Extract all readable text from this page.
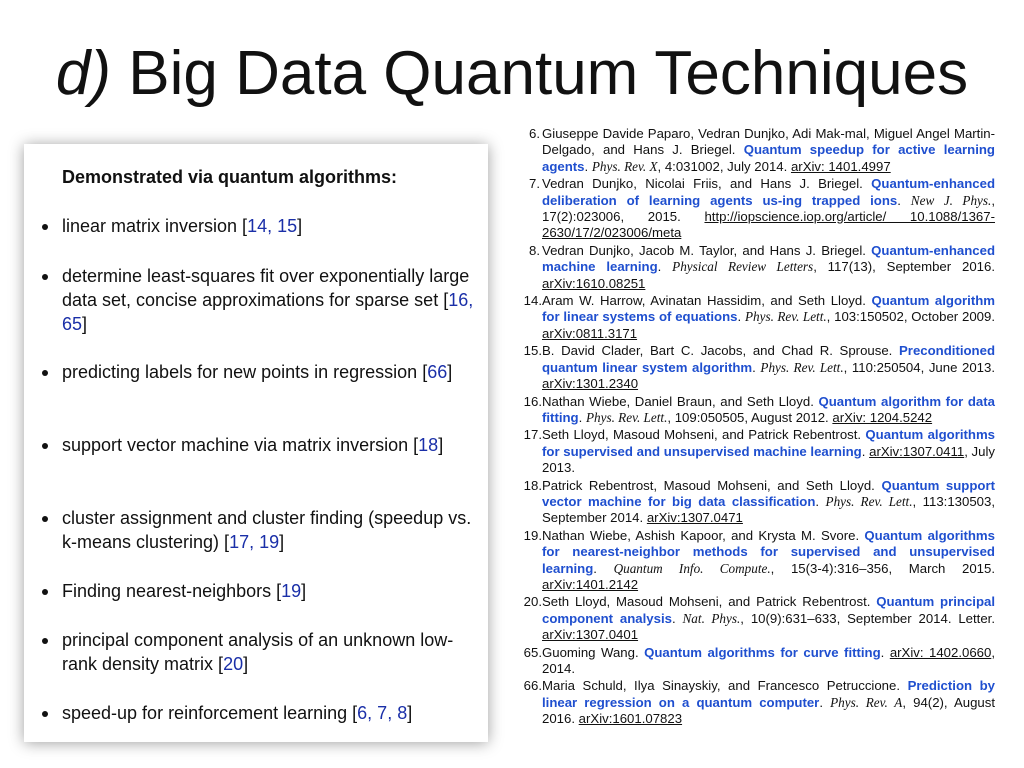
d) Big Data Quantum Techniques
Demonstrated via quantum algorithms:
linear matrix inversion [14, 15]
determine least-squares fit over exponentially large data set, concise approximations for sparse set [16, 65]
predicting labels for new points in regression [66]
support vector machine via matrix inversion [18]
cluster assignment and cluster finding (speedup vs. k-means clustering) [17, 19]
Finding nearest-neighbors [19]
principal component analysis of an unknown low-rank density matrix [20]
speed-up for reinforcement learning [6, 7, 8]
6. Giuseppe Davide Paparo, Vedran Dunjko, Adi Mak-mal, Miguel Angel Martin-Delgado, and Hans J. Briegel. Quantum speedup for active learning agents. Phys. Rev. X, 4:031002, July 2014. arXiv: 1401.4997
7. Vedran Dunjko, Nicolai Friis, and Hans J. Briegel. Quantum-enhanced deliberation of learning agents us-ing trapped ions. New J. Phys., 17(2):023006, 2015. http://iopscience.iop.org/article/ 10.1088/1367-2630/17/2/023006/meta
8. Vedran Dunjko, Jacob M. Taylor, and Hans J. Briegel. Quantum-enhanced machine learning. Physical Review Letters, 117(13), September 2016. arXiv:1610.08251
14. Aram W. Harrow, Avinatan Hassidim, and Seth Lloyd. Quantum algorithm for linear systems of equations. Phys. Rev. Lett., 103:150502, October 2009. arXiv:0811.3171
15. B. David Clader, Bart C. Jacobs, and Chad R. Sprouse. Preconditioned quantum linear system algorithm. Phys. Rev. Lett., 110:250504, June 2013. arXiv:1301.2340
16. Nathan Wiebe, Daniel Braun, and Seth Lloyd. Quantum algorithm for data fitting. Phys. Rev. Lett., 109:050505, August 2012. arXiv: 1204.5242
17. Seth Lloyd, Masoud Mohseni, and Patrick Rebentrost. Quantum algorithms for supervised and unsupervised machine learning. arXiv:1307.0411, July 2013.
18. Patrick Rebentrost, Masoud Mohseni, and Seth Lloyd. Quantum support vector machine for big data classification. Phys. Rev. Lett., 113:130503, September 2014. arXiv:1307.0471
19. Nathan Wiebe, Ashish Kapoor, and Krysta M. Svore. Quantum algorithms for nearest-neighbor methods for supervised and unsupervised learning. Quantum Info. Compute., 15(3-4):316–356, March 2015. arXiv:1401.2142
20. Seth Lloyd, Masoud Mohseni, and Patrick Rebentrost. Quantum principal component analysis. Nat. Phys., 10(9):631–633, September 2014. Letter. arXiv:1307.0401
65. Guoming Wang. Quantum algorithms for curve fitting. arXiv: 1402.0660, 2014.
66. Maria Schuld, Ilya Sinayskiy, and Francesco Petruccione. Prediction by linear regression on a quantum computer. Phys. Rev. A, 94(2), August 2016. arXiv:1601.07823
